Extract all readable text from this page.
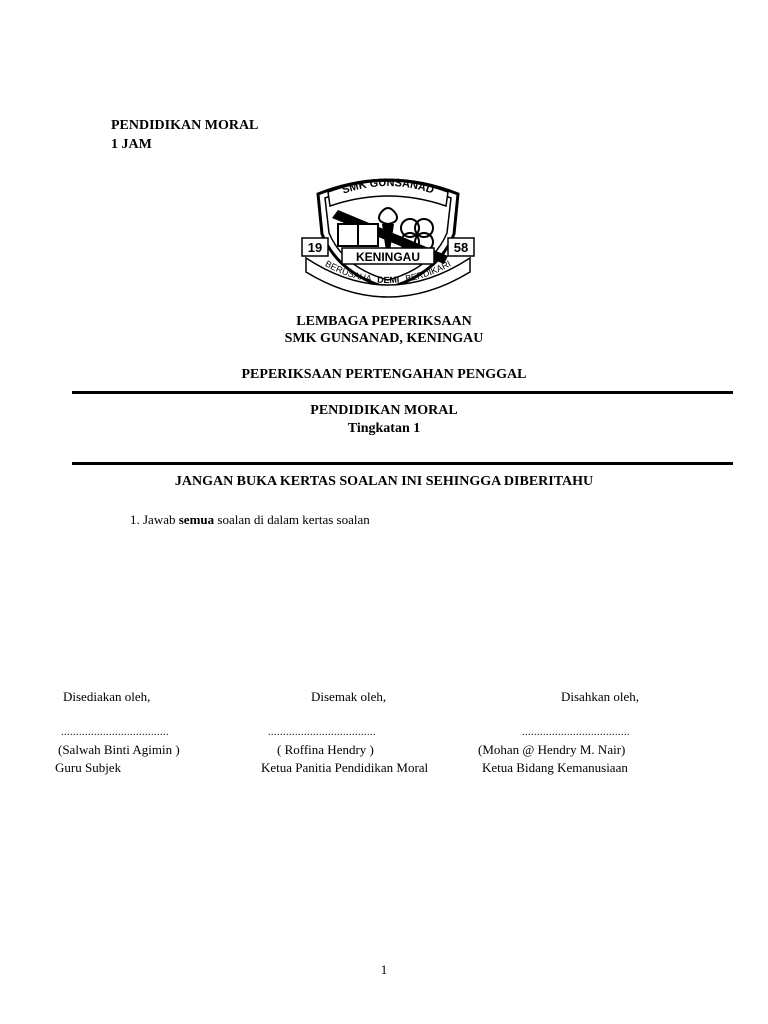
PENDIDIKAN MORAL
1 JAM
SMK GUNSANAD
19	58
KENINGAU
BERUSAHA DEMI BERDIKARI
LEMBAGA PEPERIKSAAN
SMK GUNSANAD, KENINGAU
PEPERIKSAAN PERTENGAHAN PENGGAL
PENDIDIKAN MORAL
Tingkatan 1
JANGAN BUKA KERTAS SOALAN INI SEHINGGA DIBERITAHU
1. Jawab semua soalan di dalam kertas soalan
Disediakan oleh,
....................................
(Salwah Binti Agimin )
Guru Subjek
Disemak oleh,
....................................
( Roffina Hendry )
Ketua Panitia Pendidikan Moral
Disahkan oleh,
....................................
(Mohan @ Hendry M. Nair)
Ketua Bidang Kemanusiaan
1
